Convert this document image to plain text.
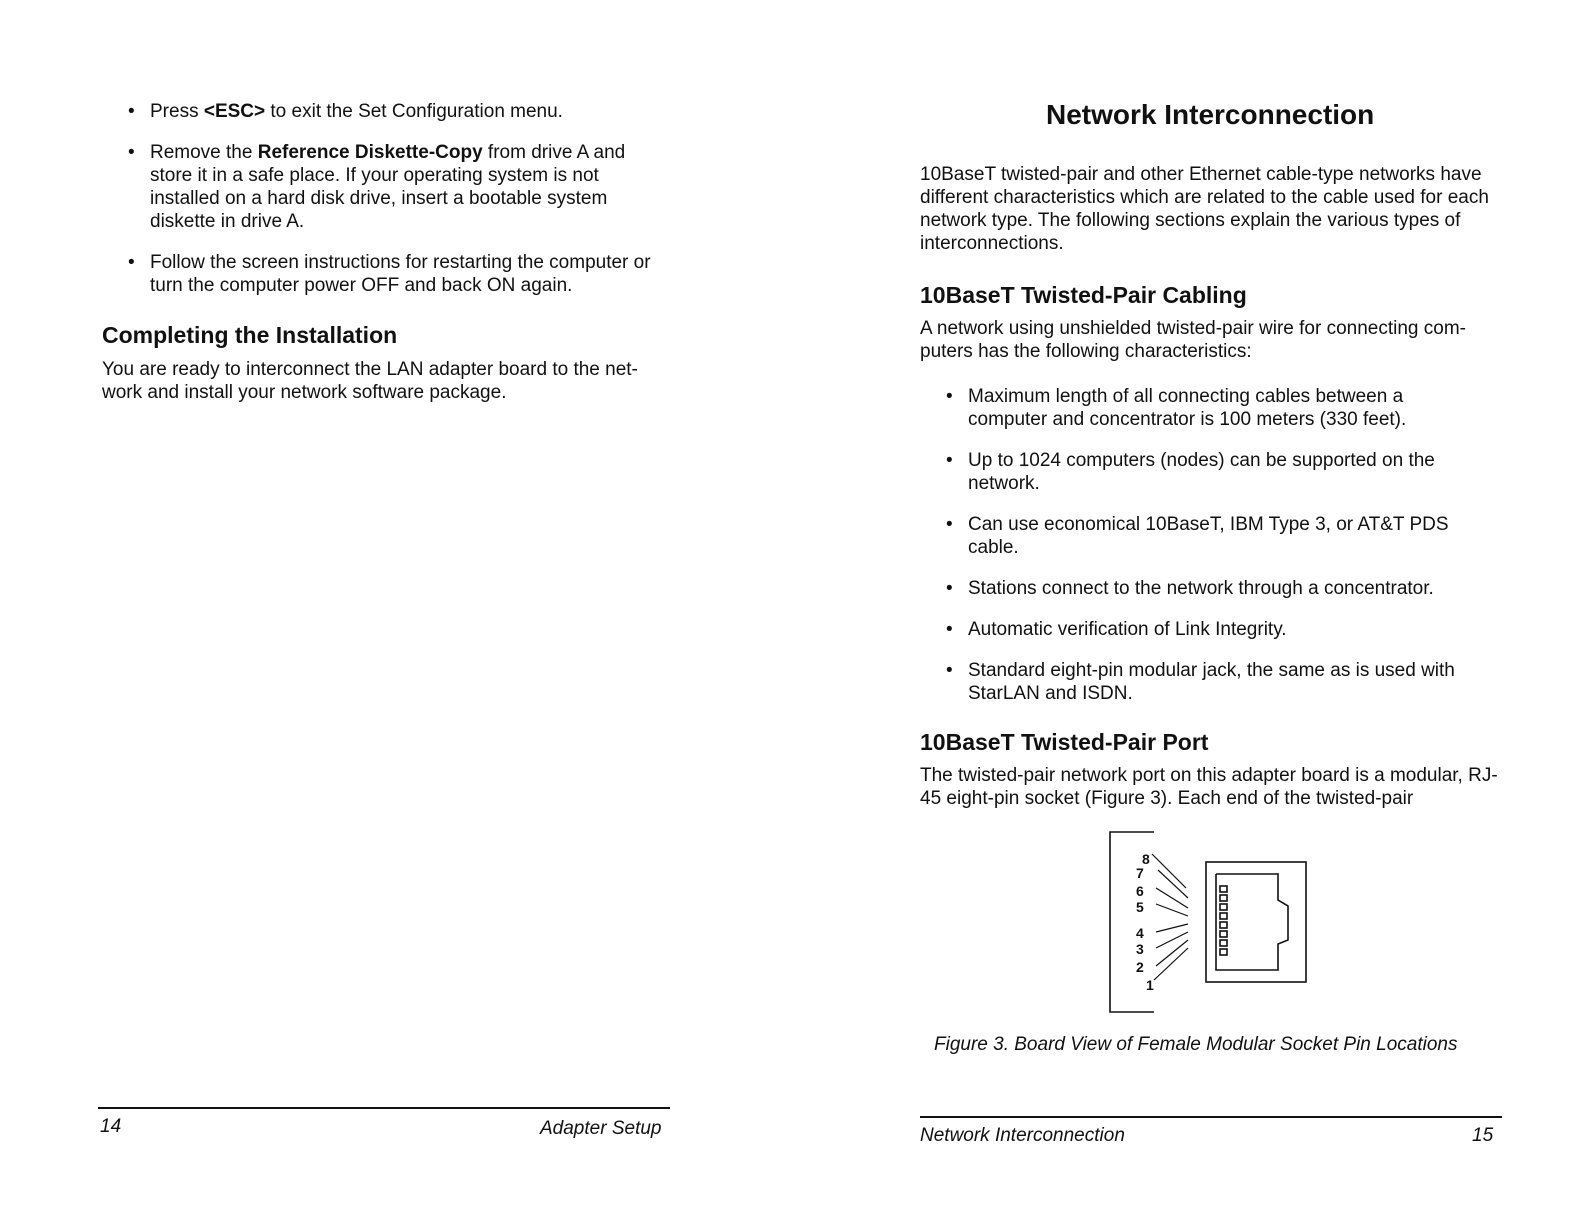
• Press <ESC> to exit the Set Configuration menu.
• Remove the Reference Diskette-Copy from drive A and store it in a safe place. If your operating system is not installed on a hard disk drive, insert a bootable system diskette in drive A.
• Follow the screen instructions for restarting the computer or turn the computer power OFF and back ON again.
Completing the Installation

You are ready to interconnect the LAN adapter board to the net-work and install your network software package.

14	Adapter Setup
Network Interconnection

10BaseT twisted-pair and other Ethernet cable-type networks have different characteristics which are related to the cable used for each network type. The following sections explain the various types of interconnections.

10BaseT Twisted-Pair Cabling

A network using unshielded twisted-pair wire for connecting com-puters has the following characteristics:

• Maximum length of all connecting cables between a computer and concentrator is 100 meters (330 feet).
• Up to 1024 computers (nodes) can be supported on the network.
• Can use economical 10BaseT, IBM Type 3, or AT&T PDS cable.
• Stations connect to the network through a concentrator.
• Automatic verification of Link Integrity.
• Standard eight-pin modular jack, the same as is used with StarLAN and ISDN.
10BaseT Twisted-Pair Port

The twisted-pair network port on this adapter board is a modular, RJ-45 eight-pin socket (Figure 3). Each end of the twisted-pair

8
7
6
5
4
3
2
1

Figure 3. Board View of Female Modular Socket Pin Locations

Network Interconnection	15
